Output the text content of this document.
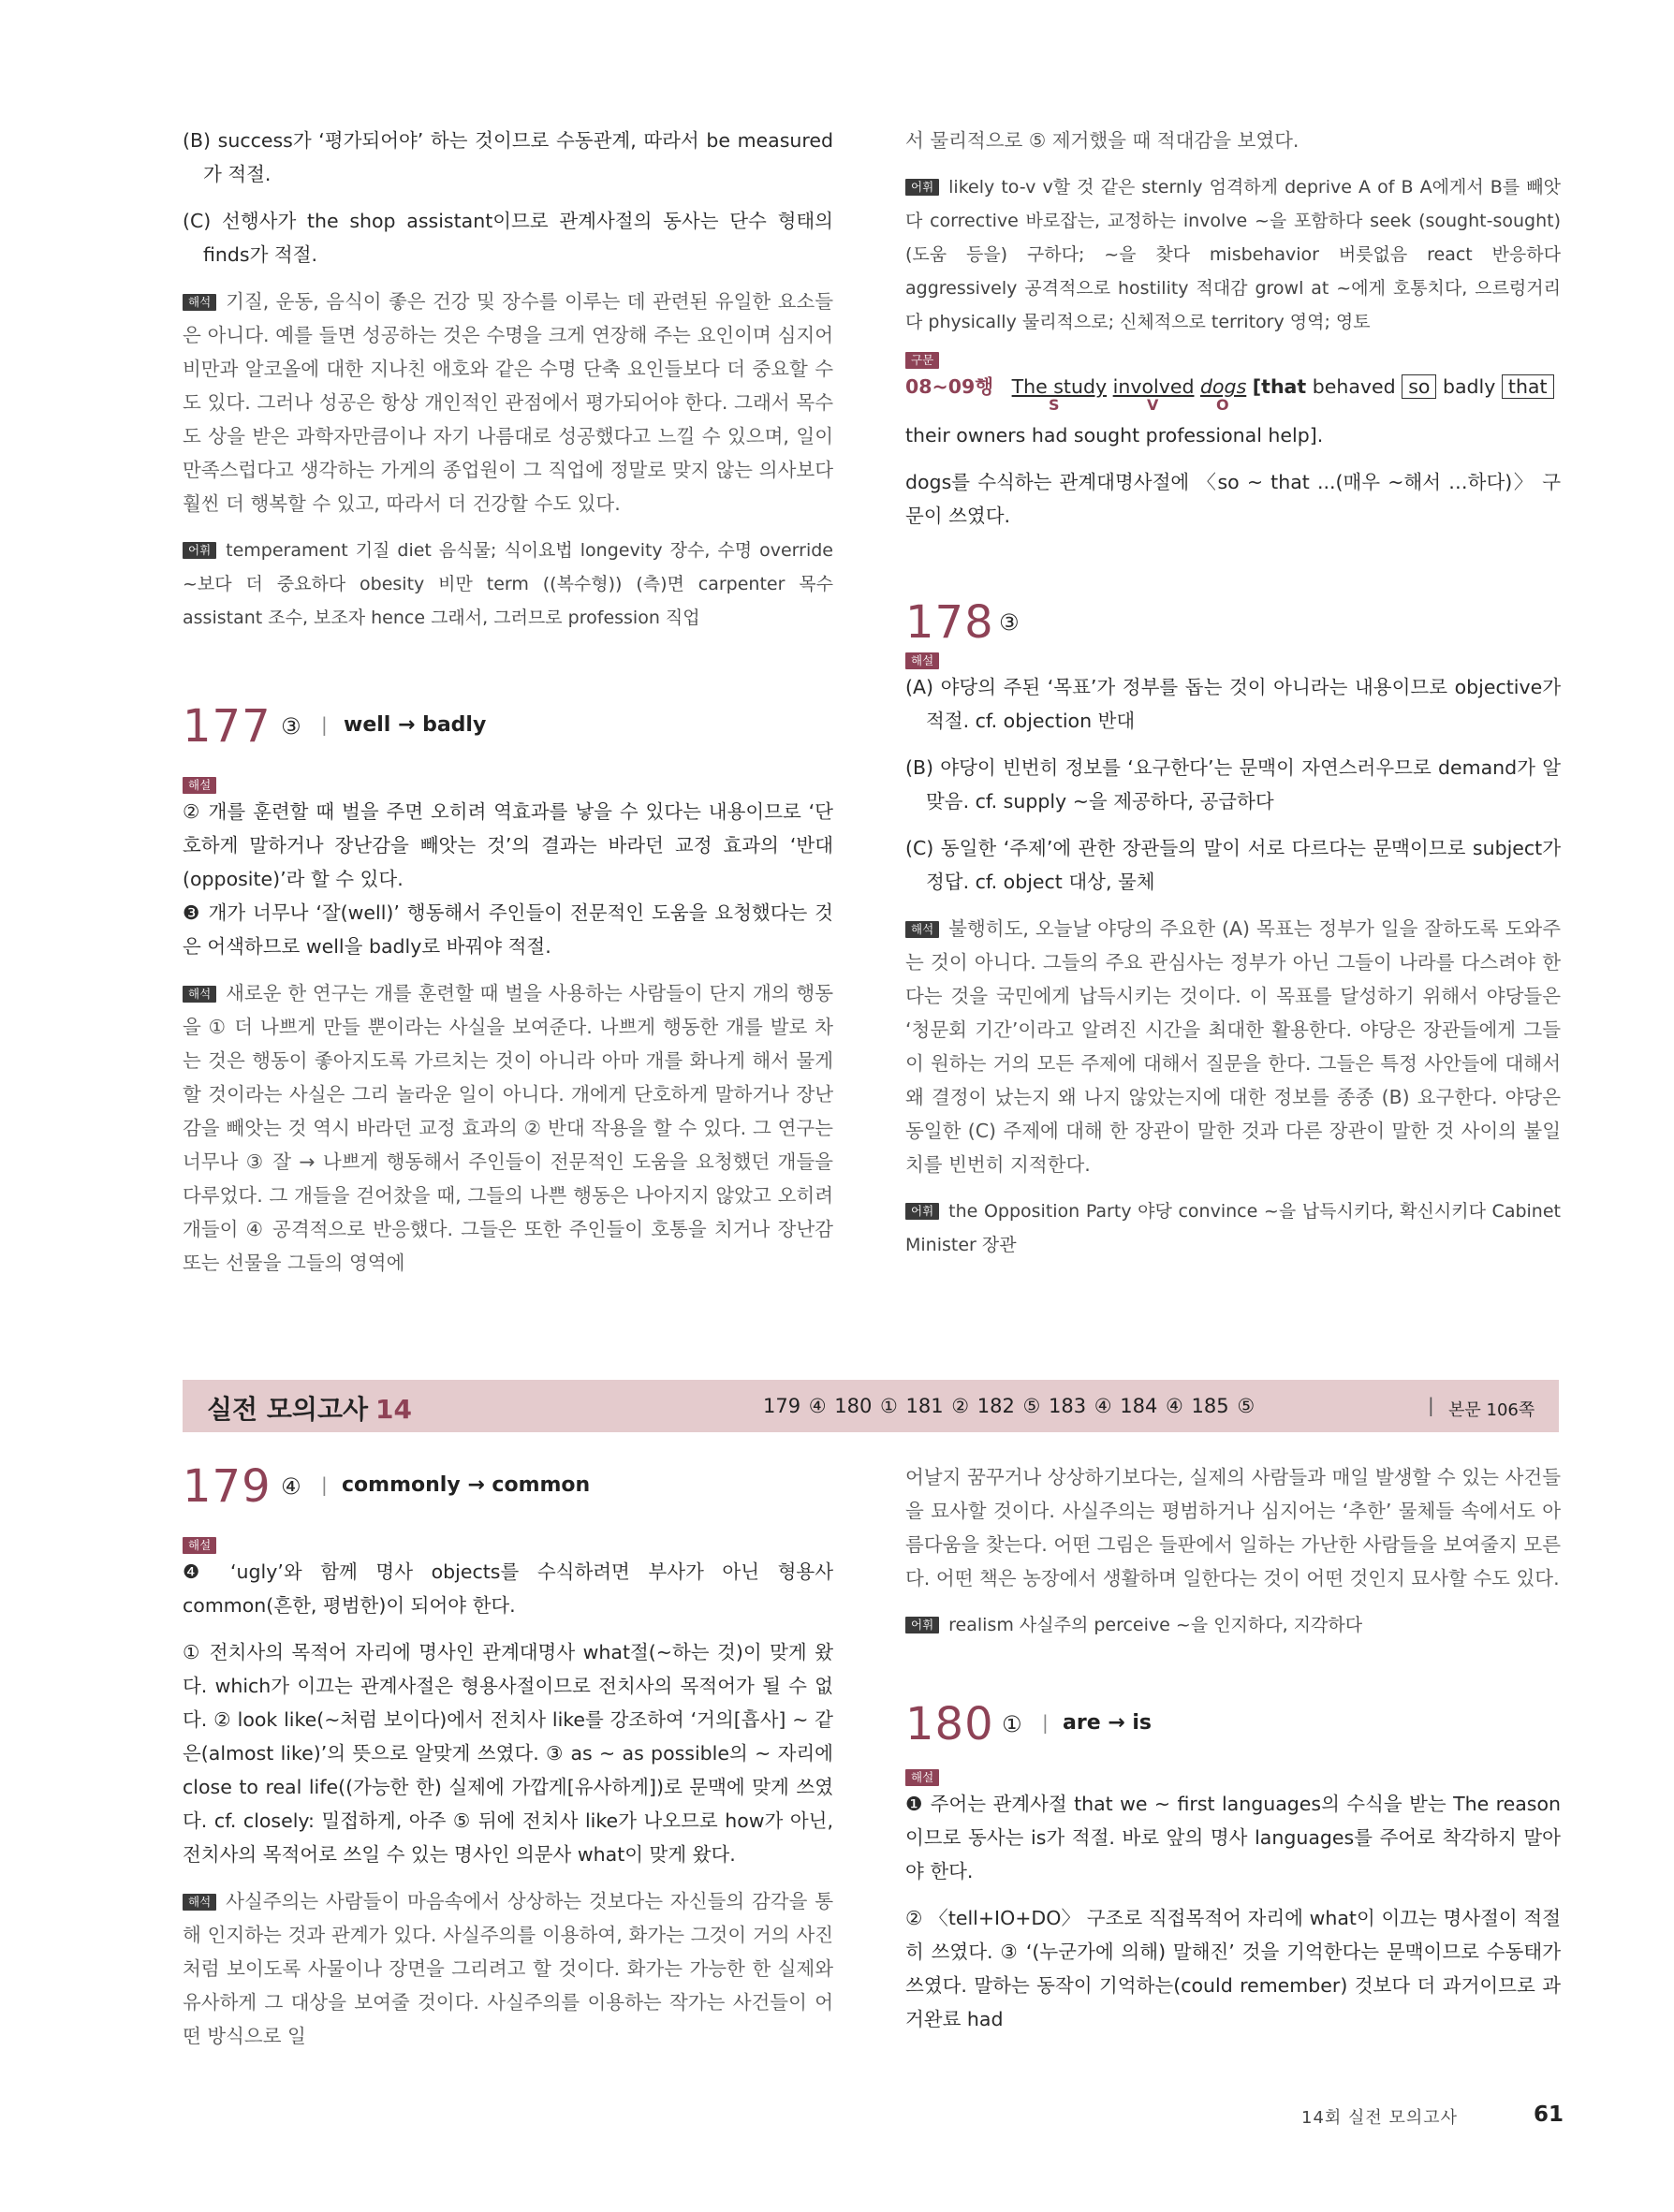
(B) success가 ‘평가되어야’ 하는 것이므로 수동관계, 따라서 be measured가 적절.

(C) 선행사가 the shop assistant이므로 관계사절의 동사는 단수 형태의 finds가 적절.

해석 기질, 운동, 음식이 좋은 건강 및 장수를 이루는 데 관련된 유일한 요소들은 아니다. 예를 들면 성공하는 것은 수명을 크게 연장해 주는 요인이며 심지어 비만과 알코올에 대한 지나친 애호와 같은 수명 단축 요인들보다 더 중요할 수도 있다. 그러나 성공은 항상 개인적인 관점에서 평가되어야 한다. 그래서 목수도 상을 받은 과학자만큼이나 자기 나름대로 성공했다고 느낄 수 있으며, 일이 만족스럽다고 생각하는 가게의 종업원이 그 직업에 정말로 맞지 않는 의사보다 훨씬 더 행복할 수 있고, 따라서 더 건강할 수도 있다.

어휘 temperament 기질 diet 음식물; 식이요법 longevity 장수, 수명 override ~보다 더 중요하다 obesity 비만 term ((복수형)) (측)면 carpenter 목수 assistant 조수, 보조자 hence 그래서, 그러므로 profession 직업

177 ③ | well → badly
해설

② 개를 훈련할 때 벌을 주면 오히려 역효과를 낳을 수 있다는 내용이므로 ‘단호하게 말하거나 장난감을 빼앗는 것’의 결과는 바라던 교정 효과의 ‘반대(opposite)’라 할 수 있다.

❸ 개가 너무나 ‘잘(well)’ 행동해서 주인들이 전문적인 도움을 요청했다는 것은 어색하므로 well을 badly로 바꿔야 적절.

해석 새로운 한 연구는 개를 훈련할 때 벌을 사용하는 사람들이 단지 개의 행동을 ① 더 나쁘게 만들 뿐이라는 사실을 보여준다. 나쁘게 행동한 개를 발로 차는 것은 행동이 좋아지도록 가르치는 것이 아니라 아마 개를 화나게 해서 물게 할 것이라는 사실은 그리 놀라운 일이 아니다. 개에게 단호하게 말하거나 장난감을 빼앗는 것 역시 바라던 교정 효과의 ② 반대 작용을 할 수 있다. 그 연구는 너무나 ③ 잘 → 나쁘게 행동해서 주인들이 전문적인 도움을 요청했던 개들을 다루었다. 그 개들을 걷어찼을 때, 그들의 나쁜 행동은 나아지지 않았고 오히려 개들이 ④ 공격적으로 반응했다. 그들은 또한 주인들이 호통을 치거나 장난감 또는 선물을 그들의 영역에

서 물리적으로 ⑤ 제거했을 때 적대감을 보였다.

어휘 likely to-v v할 것 같은 sternly 엄격하게 deprive A of B A에게서 B를 빼앗다 corrective 바로잡는, 교정하는 involve ~을 포함하다 seek (sought-sought) (도움 등을) 구하다; ~을 찾다 misbehavior 버릇없음 react 반응하다 aggressively 공격적으로 hostility 적대감 growl at ~에게 호통치다, 으르렁거리다 physically 물리적으로; 신체적으로 territory 영역; 영토

구문

08~09행 The study involved dogs [that behaved so badly that

S	V	O

their owners had sought professional help].

dogs를 수식하는 관계대명사절에 〈so ~ that ...(매우 ~해서 …하다)〉 구문이 쓰였다.

178 ③
해설

(A) 야당의 주된 ‘목표’가 정부를 돕는 것이 아니라는 내용이므로 objective가 적절. cf. objection 반대

(B) 야당이 빈번히 정보를 ‘요구한다’는 문맥이 자연스러우므로 demand가 알맞음. cf. supply ~을 제공하다, 공급하다

(C) 동일한 ‘주제’에 관한 장관들의 말이 서로 다르다는 문맥이므로 subject가 정답. cf. object 대상, 물체

해석 불행히도, 오늘날 야당의 주요한 (A) 목표는 정부가 일을 잘하도록 도와주는 것이 아니다. 그들의 주요 관심사는 정부가 아닌 그들이 나라를 다스려야 한다는 것을 국민에게 납득시키는 것이다. 이 목표를 달성하기 위해서 야당들은 ‘청문회 기간’이라고 알려진 시간을 최대한 활용한다. 야당은 장관들에게 그들이 원하는 거의 모든 주제에 대해서 질문을 한다. 그들은 특정 사안들에 대해서 왜 결정이 났는지 왜 나지 않았는지에 대한 정보를 종종 (B) 요구한다. 야당은 동일한 (C) 주제에 대해 한 장관이 말한 것과 다른 장관이 말한 것 사이의 불일치를 빈번히 지적한다.

어휘 the Opposition Party 야당 convince ~을 납득시키다, 확신시키다 Cabinet Minister 장관

실전 모의고사 14	179 ④ 180 ① 181 ② 182 ⑤ 183 ④ 184 ④ 185 ⑤	| 본문 106쪽
179 ④ | commonly → common
해설

❹ ‘ugly’와 함께 명사 objects를 수식하려면 부사가 아닌 형용사 common(흔한, 평범한)이 되어야 한다.

① 전치사의 목적어 자리에 명사인 관계대명사 what절(~하는 것)이 맞게 왔다. which가 이끄는 관계사절은 형용사절이므로 전치사의 목적어가 될 수 없다. ② look like(~처럼 보이다)에서 전치사 like를 강조하여 ‘거의[흡사] ~ 같은(almost like)’의 뜻으로 알맞게 쓰였다. ③ as ~ as possible의 ~ 자리에 close to real life((가능한 한) 실제에 가깝게[유사하게])로 문맥에 맞게 쓰였다. cf. closely: 밀접하게, 아주 ⑤ 뒤에 전치사 like가 나오므로 how가 아닌, 전치사의 목적어로 쓰일 수 있는 명사인 의문사 what이 맞게 왔다.

해석 사실주의는 사람들이 마음속에서 상상하는 것보다는 자신들의 감각을 통해 인지하는 것과 관계가 있다. 사실주의를 이용하여, 화가는 그것이 거의 사진처럼 보이도록 사물이나 장면을 그리려고 할 것이다. 화가는 가능한 한 실제와 유사하게 그 대상을 보여줄 것이다. 사실주의를 이용하는 작가는 사건들이 어떤 방식으로 일

어날지 꿈꾸거나 상상하기보다는, 실제의 사람들과 매일 발생할 수 있는 사건들을 묘사할 것이다. 사실주의는 평범하거나 심지어는 ‘추한’ 물체들 속에서도 아름다움을 찾는다. 어떤 그림은 들판에서 일하는 가난한 사람들을 보여줄지 모른다. 어떤 책은 농장에서 생활하며 일한다는 것이 어떤 것인지 묘사할 수도 있다.

어휘 realism 사실주의 perceive ~을 인지하다, 지각하다

180 ① | are → is
해설

❶ 주어는 관계사절 that we ~ first languages의 수식을 받는 The reason이므로 동사는 is가 적절. 바로 앞의 명사 languages를 주어로 착각하지 말아야 한다.

② 〈tell+IO+DO〉 구조로 직접목적어 자리에 what이 이끄는 명사절이 적절히 쓰였다. ③ ‘(누군가에 의해) 말해진’ 것을 기억한다는 문맥이므로 수동태가 쓰였다. 말하는 동작이 기억하는(could remember) 것보다 더 과거이므로 과거완료 had

14회 실전 모의고사	61
